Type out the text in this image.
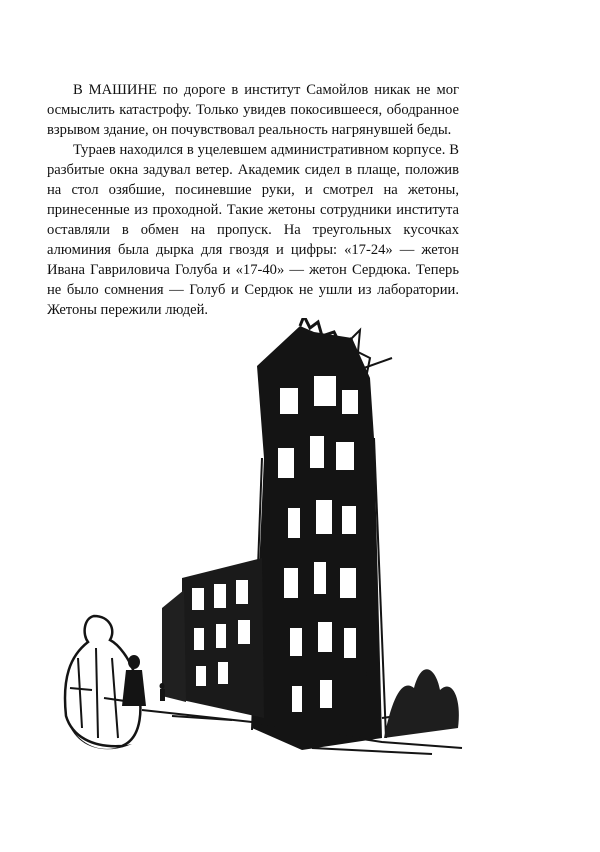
В МАШИНЕ по дороге в институт Самойлов никак не мог осмыслить катастрофу. Только увидев покосившееся, ободранное взрывом здание, он почувствовал реальность нагрянувшей беды.

Тураев находился в уцелевшем административном корпусе. В разбитые окна задувал ветер. Академик сидел в плаще, положив на стол озябшие, посиневшие руки, и смотрел на жетоны, принесенные из проходной. Такие жетоны сотрудники института оставляли в обмен на пропуск. На треугольных кусочках алюминия была дырка для гвоздя и цифры: «17-24» — жетон Ивана Гавриловича Голуба и «17-40» — жетон Сердюка. Теперь не было сомнения — Голуб и Сердюк не ушли из лаборатории. Жетоны пережили людей.
